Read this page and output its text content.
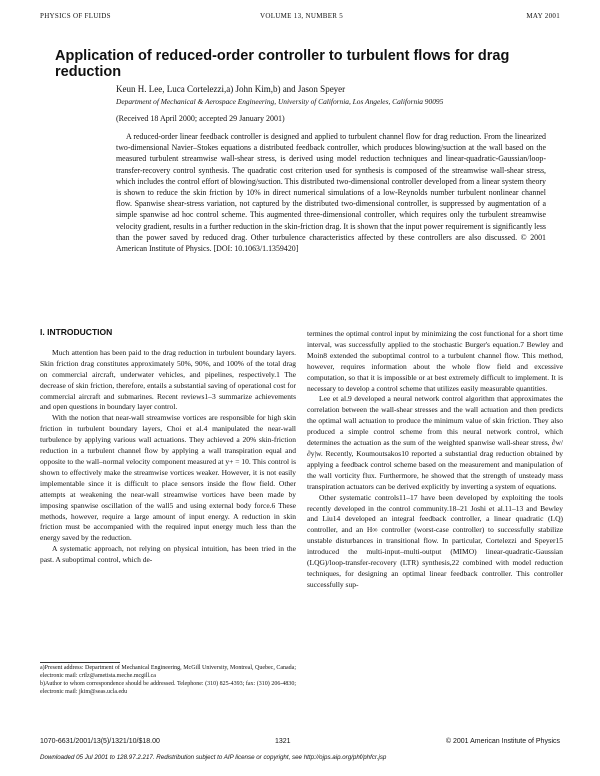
PHYSICS OF FLUIDS	VOLUME 13, NUMBER 5	MAY 2001
Application of reduced-order controller to turbulent flows for drag reduction
Keun H. Lee, Luca Cortelezzi,a) John Kim,b) and Jason Speyer
Department of Mechanical & Aerospace Engineering, University of California, Los Angeles, California 90095
(Received 18 April 2000; accepted 29 January 2001)
A reduced-order linear feedback controller is designed and applied to turbulent channel flow for drag reduction. From the linearized two-dimensional Navier–Stokes equations a distributed feedback controller, which produces blowing/suction at the wall based on the measured turbulent streamwise wall-shear stress, is derived using model reduction techniques and linear-quadratic-Gaussian/loop-transfer-recovery control synthesis. The quadratic cost criterion used for synthesis is composed of the streamwise wall-shear stress, which includes the control effort of blowing/suction. This distributed two-dimensional controller developed from a linear system theory is shown to reduce the skin friction by 10% in direct numerical simulations of a low-Reynolds number turbulent nonlinear channel flow. Spanwise shear-stress variation, not captured by the distributed two-dimensional controller, is suppressed by augmentation of a simple spanwise ad hoc control scheme. This augmented three-dimensional controller, which requires only the turbulent streamwise velocity gradient, results in a further reduction in the skin-friction drag. It is shown that the input power requirement is significantly less than the power saved by reduced drag. Other turbulence characteristics affected by these controllers are also discussed. © 2001 American Institute of Physics. [DOI: 10.1063/1.1359420]
I. INTRODUCTION

Much attention has been paid to the drag reduction in turbulent boundary layers. Skin friction drag constitutes approximately 50%, 90%, and 100% of the total drag on commercial aircraft, underwater vehicles, and pipelines, respectively.1 The decrease of skin friction, therefore, entails a substantial saving of operational cost for commercial aircraft and submarines. Recent reviews1–3 summarize achievements and open questions in boundary layer control.

With the notion that near-wall streamwise vortices are responsible for high skin friction in turbulent boundary layers, Choi et al.4 manipulated the near-wall turbulence by applying various wall actuations. They achieved a 20% skin-friction reduction in a turbulent channel flow by applying a wall transpiration equal and opposite to the wall–normal velocity component measured at y+ = 10. This control is shown to effectively make the streamwise vortices weaker. However, it is not easily implementable since it is difficult to place sensors inside the flow field. Other attempts at weakening the near-wall streamwise vortices have been made by imposing spanwise oscillation of the wall5 and using external body force.6 These methods, however, require a large amount of input energy. A reduction in skin friction must be accompanied with the required input energy much less than the energy saved by the reduction.

A systematic approach, not relying on physical intuition, has been tried in the past. A suboptimal control, which de-

termines the optimal control input by minimizing the cost functional for a short time interval, was successfully applied to the stochastic Burger's equation.7 Bewley and Moin8 extended the suboptimal control to a turbulent channel flow. This method, however, requires information about the whole flow field and excessive computation, so that it is impossible or at best extremely difficult to implement. It is necessary to develop a control scheme that utilizes easily measurable quantities.

Lee et al.9 developed a neural network control algorithm that approximates the correlation between the wall-shear stresses and the wall actuation and then predicts the optimal wall actuation to produce the minimum value of skin friction. They also produced a simple control scheme from this neural network control, which determines the actuation as the sum of the weighted spanwise wall-shear stress, ∂w/∂y|w. Recently, Koumoutsakos10 reported a substantial drag reduction obtained by applying a feedback control scheme based on the measurement and manipulation of the wall vorticity flux. Furthermore, he showed that the strength of unsteady mass transpiration actuators can be derived explicitly by inverting a system of equations.

Other systematic controls11–17 have been developed by exploiting the tools recently developed in the control community.18–21 Joshi et al.11–13 and Bewley and Liu14 developed an integral feedback controller, a linear quadratic (LQ) controller, and an H∞ controller (worst-case controller) to successfully stabilize unstable disturbances in transitional flow. In particular, Cortelezzi and Speyer15 introduced the multi-input–multi-output (MIMO) linear-quadratic-Gaussian (LQG)/loop-transfer-recovery (LTR) synthesis,22 combined with model reduction techniques, for designing an optimal linear feedback controller. This controller successfully sup-

a)Present address: Department of Mechanical Engineering, McGill University, Montreal, Quebec, Canada; electronic mail: crtlz@ametista.meche.mcgill.ca

b)Author to whom correspondence should be addressed. Telephone: (310) 825-4393; fax: (310) 206-4830; electronic mail: jkim@seas.ucla.edu

1070-6631/2001/13(5)/1321/10/$18.00	1321	© 2001 American Institute of Physics
Downloaded 05 Jul 2001 to 128.97.2.217. Redistribution subject to AIP license or copyright, see http://ojps.aip.org/phf/phfcr.jsp
